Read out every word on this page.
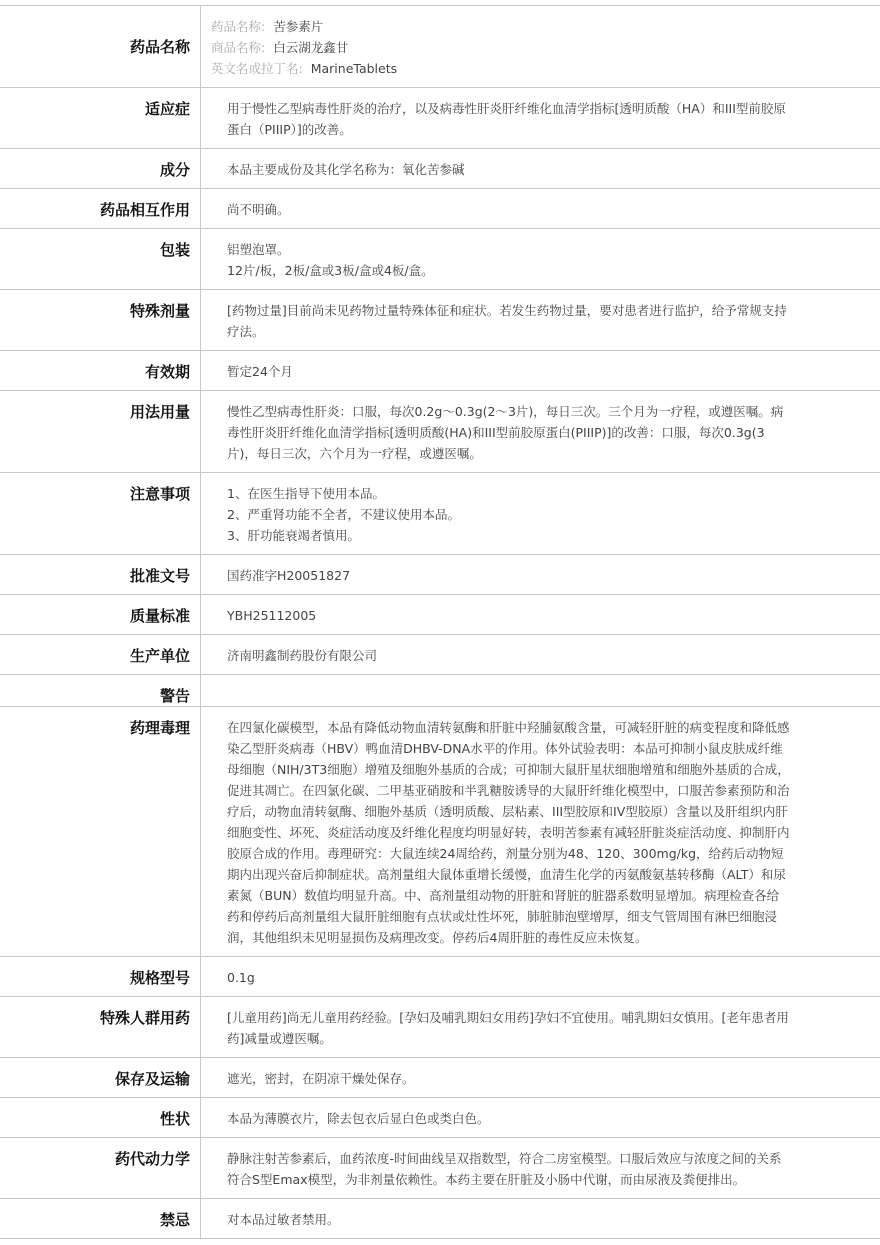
药品名称	药品名称: 苦参素片
商品名称: 白云湖龙鑫甘
英文名或拉丁名: MarineTablets

适应症	用于慢性乙型病毒性肝炎的治疗，以及病毒性肝炎肝纤维化血清学指标[透明质酸（HA）和III型前胶原蛋白（PIIIP）]的改善。

成分	本品主要成份及其化学名称为：氧化苦参碱

药品相互作用	尚不明确。

包装	铝塑泡罩。
12片/板，2板/盒或3板/盒或4板/盒。

特殊剂量	[药物过量]目前尚未见药物过量特殊体征和症状。若发生药物过量，要对患者进行监护，给予常规支持疗法。

有效期	暂定24个月

用法用量	慢性乙型病毒性肝炎：口服，每次0.2g～0.3g(2～3片)，每日三次。三个月为一疗程，或遵医嘱。病毒性肝炎肝纤维化血清学指标[透明质酸(HA)和III型前胶原蛋白(PIIIP)]的改善：口服，每次0.3g(3片)，每日三次，六个月为一疗程，或遵医嘱。

注意事项	1、在医生指导下使用本品。
2、严重肾功能不全者，不建议使用本品。
3、肝功能衰竭者慎用。

批准文号	国药准字H20051827

质量标准	YBH25112005

生产单位	济南明鑫制药股份有限公司

警告	
药理毒理	在四氯化碳模型，本品有降低动物血清转氨酶和肝脏中羟脯氨酸含量，可减轻肝脏的病变程度和降低感染乙型肝炎病毒（HBV）鸭血清DHBV-DNA水平的作用。体外试验表明：本品可抑制小鼠皮肤成纤维母细胞（NIH/3T3细胞）增殖及细胞外基质的合成；可抑制大鼠肝星状细胞增殖和细胞外基质的合成，促进其凋亡。在四氯化碳、二甲基亚硝胺和半乳糖胺诱导的大鼠肝纤维化模型中，口服苦参素预防和治疗后，动物血清转氨酶、细胞外基质（透明质酸、层粘素、III型胶原和IV型胶原）含量以及肝组织内肝细胞变性、坏死、炎症活动度及纤维化程度均明显好转，表明苦参素有减轻肝脏炎症活动度、抑制肝内胶原合成的作用。毒理研究：大鼠连续24周给药，剂量分别为48、120、300mg/kg，给药后动物短期内出现兴奋后抑制症状。高剂量组大鼠体重增长缓慢，血清生化学的丙氨酸氨基转移酶（ALT）和尿素氮（BUN）数值均明显升高。中、高剂量组动物的肝脏和肾脏的脏器系数明显增加。病理检查各给药和停药后高剂量组大鼠肝脏细胞有点状或灶性坏死，肺脏肺泡壁增厚，细支气管周围有淋巴细胞浸润，其他组织未见明显损伤及病理改变。停药后4周肝脏的毒性反应未恢复。

规格型号	0.1g

特殊人群用药	[儿童用药]尚无儿童用药经验。[孕妇及哺乳期妇女用药]孕妇不宜使用。哺乳期妇女慎用。[老年患者用药]减量或遵医嘱。

保存及运输	遮光，密封，在阴凉干燥处保存。

性状	本品为薄膜衣片，除去包衣后显白色或类白色。

药代动力学	静脉注射苦参素后，血药浓度-时间曲线呈双指数型，符合二房室模型。口服后效应与浓度之间的关系符合S型Emax模型，为非剂量依赖性。本药主要在肝脏及小肠中代谢，而由尿液及粪便排出。

禁忌	对本品过敏者禁用。
